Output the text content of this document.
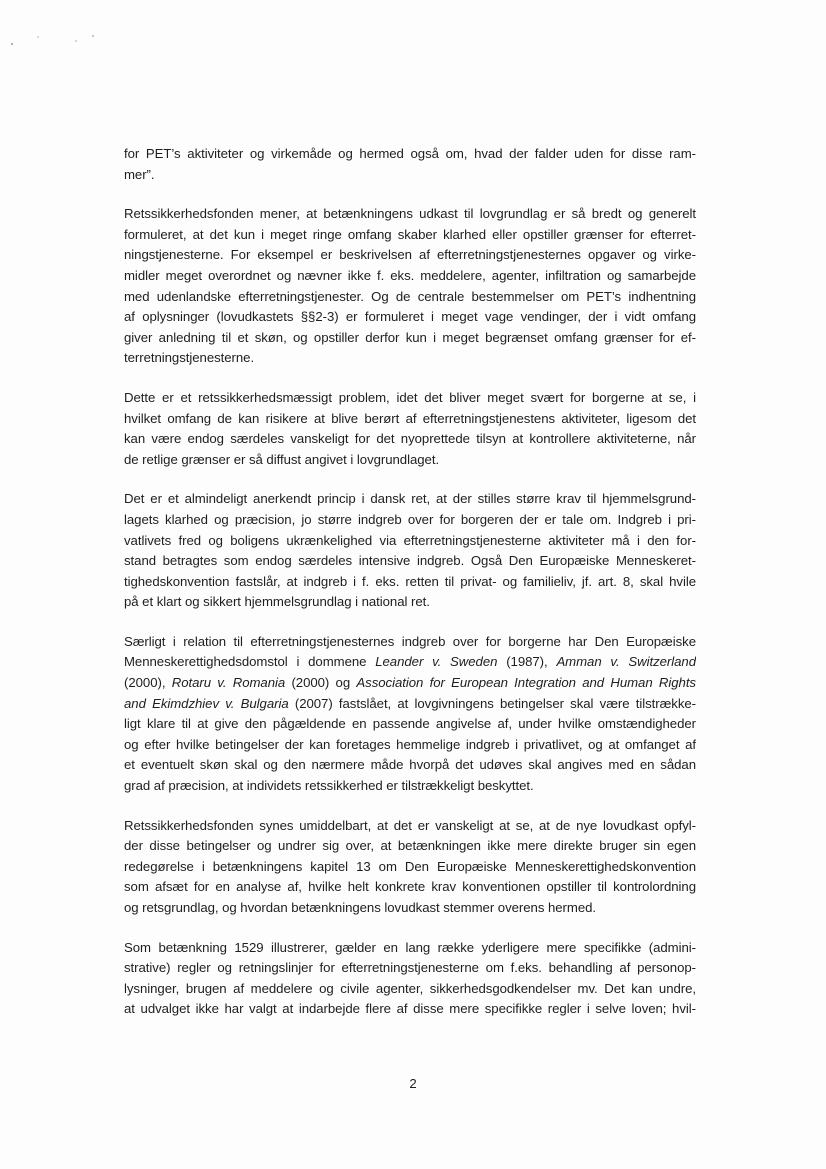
for PET’s aktiviteter og virkemåde og hermed også om, hvad der falder uden for disse ram-
mer”.

Retssikkerhedsfonden mener, at betænkningens udkast til lovgrundlag er så bredt og generelt
formuleret, at det kun i meget ringe omfang skaber klarhed eller opstiller grænser for efterret-
ningstjenesterne. For eksempel er beskrivelsen af efterretningstjenesternes opgaver og virke-
midler meget overordnet og nævner ikke f. eks. meddelere, agenter, infiltration og samarbejde
med udenlandske efterretningstjenester. Og de centrale bestemmelser om PET’s indhentning
af oplysninger (lovudkastets §§2-3) er formuleret i meget vage vendinger, der i vidt omfang
giver anledning til et skøn, og opstiller derfor kun i meget begrænset omfang grænser for ef-
terretningstjenesterne.

Dette er et retssikkerhedsmæssigt problem, idet det bliver meget svært for borgerne at se, i
hvilket omfang de kan risikere at blive berørt af efterretningstjenestens aktiviteter, ligesom det
kan være endog særdeles vanskeligt for det nyoprettede tilsyn at kontrollere aktiviteterne, når
de retlige grænser er så diffust angivet i lovgrundlaget.

Det er et almindeligt anerkendt princip i dansk ret, at der stilles større krav til hjemmelsgrund-
lagets klarhed og præcision, jo større indgreb over for borgeren der er tale om. Indgreb i pri-
vatlivets fred og boligens ukrænkelighed via efterretningstjenesterne aktiviteter må i den for-
stand betragtes som endog særdeles intensive indgreb. Også Den Europæiske Menneskeret-
tighedskonvention fastslår, at indgreb i f. eks. retten til privat- og familieliv, jf. art. 8, skal hvile
på et klart og sikkert hjemmelsgrundlag i national ret.

Særligt i relation til efterretningstjenesternes indgreb over for borgerne har Den Europæiske
Menneskerettighedsdomstol i dommene Leander v. Sweden (1987), Amman v. Switzerland
(2000), Rotaru v. Romania (2000) og Association for European Integration and Human Rights
and Ekimdzhiev v. Bulgaria (2007) fastslået, at lovgivningens betingelser skal være tilstrække-
ligt klare til at give den pågældende en passende angivelse af, under hvilke omstændigheder
og efter hvilke betingelser der kan foretages hemmelige indgreb i privatlivet, og at omfanget af
et eventuelt skøn skal og den nærmere måde hvorpå det udøves skal angives med en sådan
grad af præcision, at individets retssikkerhed er tilstrækkeligt beskyttet.

Retssikkerhedsfonden synes umiddelbart, at det er vanskeligt at se, at de nye lovudkast opfyl-
der disse betingelser og undrer sig over, at betænkningen ikke mere direkte bruger sin egen
redegørelse i betænkningens kapitel 13 om Den Europæiske Menneskerettighedskonvention
som afsæt for en analyse af, hvilke helt konkrete krav konventionen opstiller til kontrolordning
og retsgrundlag, og hvordan betænkningens lovudkast stemmer overens hermed.

Som betænkning 1529 illustrerer, gælder en lang række yderligere mere specifikke (admini-
strative) regler og retningslinjer for efterretningstjenesterne om f.eks. behandling af personop-
lysninger, brugen af meddelere og civile agenter, sikkerhedsgodkendelser mv. Det kan undre,
at udvalget ikke har valgt at indarbejde flere af disse mere specifikke regler i selve loven; hvil-

2
